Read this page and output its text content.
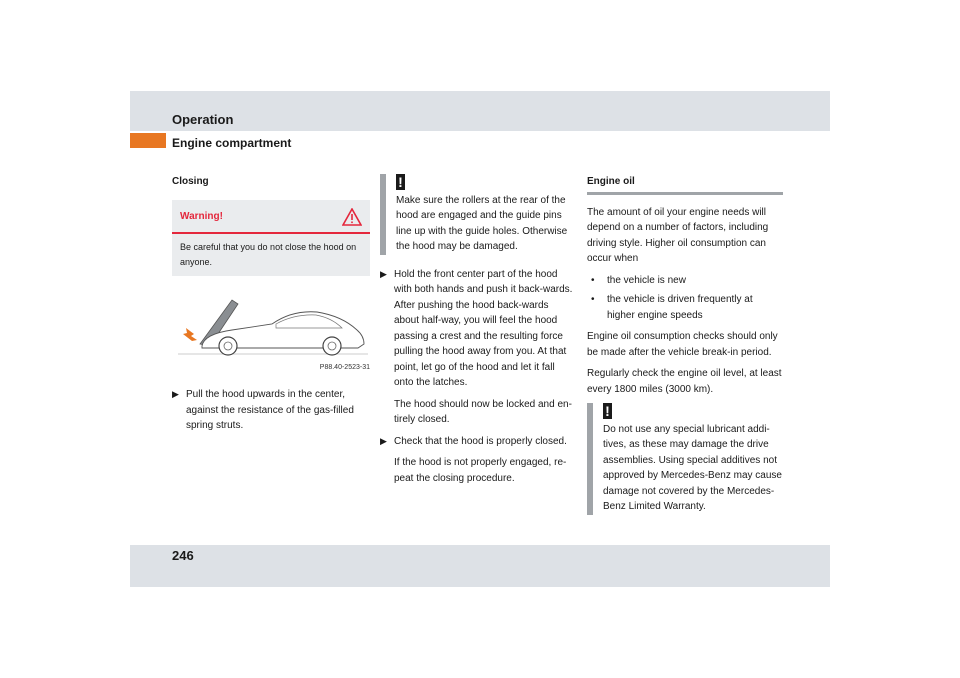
Operation
Engine compartment
Closing
Warning!
Be careful that you do not close the hood on anyone.
P88.40-2523-31
▶ Pull the hood upwards in the center, against the resistance of the gas-filled spring struts.
!
Make sure the rollers at the rear of the hood are engaged and the guide pins line up with the guide holes. Otherwise the hood may be damaged.
▶ Hold the front center part of the hood with both hands and push it back-wards. After pushing the hood back-wards about half-way, you will feel the hood passing a crest and the resulting force pulling the hood away from you. At that point, let go of the hood and let it fall onto the latches.
The hood should now be locked and en-tirely closed.
▶ Check that the hood is properly closed.
If the hood is not properly engaged, re-peat the closing procedure.
Engine oil
The amount of oil your engine needs will depend on a number of factors, including driving style. Higher oil consumption can occur when
•	the vehicle is new
•	the vehicle is driven frequently at higher engine speeds
Engine oil consumption checks should only be made after the vehicle break-in period.
Regularly check the engine oil level, at least every 1800 miles (3000 km).
!
Do not use any special lubricant addi-tives, as these may damage the drive assemblies. Using special additives not approved by Mercedes-Benz may cause damage not covered by the Mercedes-Benz Limited Warranty.
246
